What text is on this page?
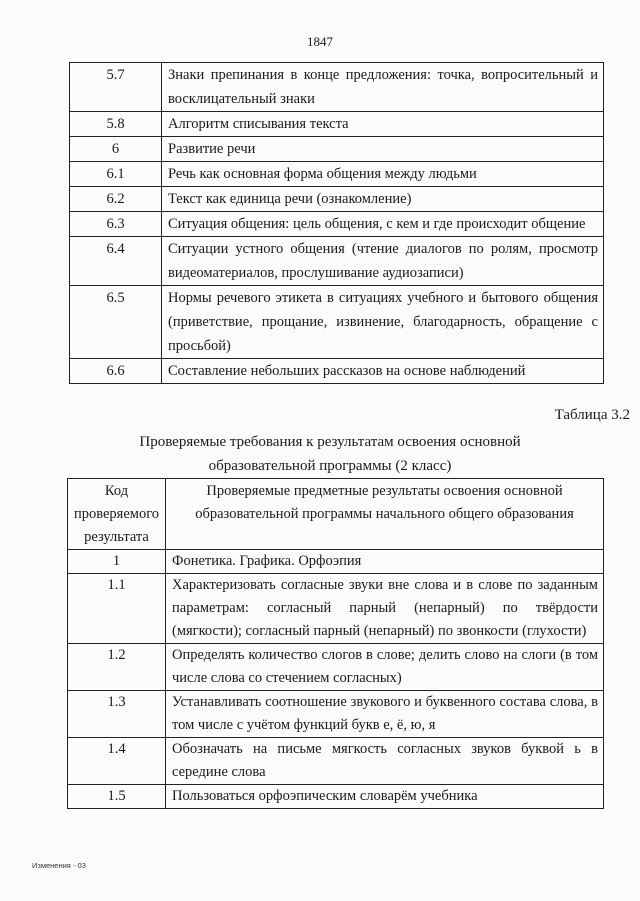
1847
5.7	Знаки препинания в конце предложения: точка, вопросительный и восклицательный знаки
5.8	Алгоритм списывания текста
6	Развитие речи
6.1	Речь как основная форма общения между людьми
6.2	Текст как единица речи (ознакомление)
6.3	Ситуация общения: цель общения, с кем и где происходит общение
6.4	Ситуации устного общения (чтение диалогов по ролям, просмотр видеоматериалов, прослушивание аудиозаписи)
6.5	Нормы речевого этикета в ситуациях учебного и бытового общения (приветствие, прощание, извинение, благодарность, обращение с просьбой)
6.6	Составление небольших рассказов на основе наблюдений
Таблица 3.2
Проверяемые требования к результатам освоения основной
образовательной программы (2 класс)
Код проверяемого результата	Проверяемые предметные результаты освоения основной образовательной программы начального общего образования
1	Фонетика. Графика. Орфоэпия
1.1	Характеризовать согласные звуки вне слова и в слове по заданным параметрам: согласный парный (непарный) по твёрдости (мягкости); согласный парный (непарный) по звонкости (глухости)
1.2	Определять количество слогов в слове; делить слово на слоги (в том числе слова со стечением согласных)
1.3	Устанавливать соотношение звукового и буквенного состава слова, в том числе с учётом функций букв е, ё, ю, я
1.4	Обозначать на письме мягкость согласных звуков буквой ь в середине слова
1.5	Пользоваться орфоэпическим словарём учебника
Изменения - 03
